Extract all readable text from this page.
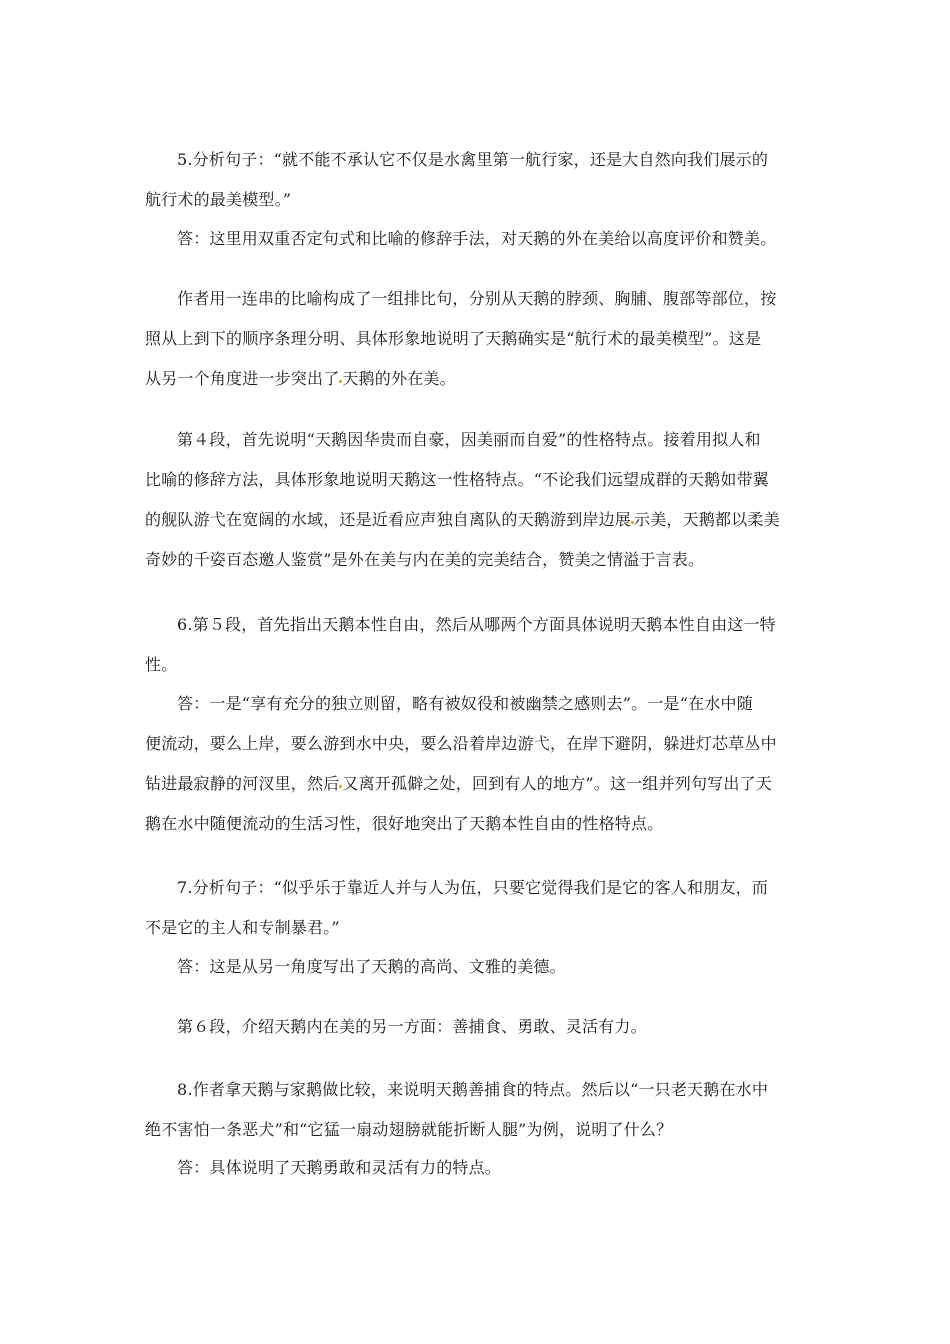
5.分析句子：“就不能不承认它不仅是水禽里第一航行家，还是大自然向我们展示的
航行术的最美模型。”
答：这里用双重否定句式和比喻的修辞手法，对天鹅的外在美给以高度评价和赞美。
作者用一连串的比喻构成了一组排比句，分别从天鹅的脖颈、胸脯、腹部等部位，按
照从上到下的顺序条理分明、具体形象地说明了天鹅确实是“航行术的最美模型”。这是
从另一个角度进一步突出了 天鹅的外在美。
第４段，首先说明“天鹅因华贵而自豪，因美丽而自爱”的性格特点。接着用拟人和
比喻的修辞方法，具体形象地说明天鹅这一性格特点。“不论我们远望成群的天鹅如带翼
的舰队游弋在宽阔的水域，还是近看应声独自离队的天鹅游到岸边展 示美，天鹅都以柔美
奇妙的千姿百态邀人鉴赏”是外在美与内在美的完美结合，赞美之情溢于言表。
6.第５段，首先指出天鹅本性自由，然后从哪两个方面具体说明天鹅本性自由这一特
性。
答：一是“享有充分的独立则留，略有被奴役和被幽禁之感则去”。一是“在水中随
便流动，要么上岸，要么游到水中央，要么沿着岸边游弋，在岸下避阴，躲进灯芯草丛中
钻进最寂静的河汊里，然后 又离开孤僻之处，回到有人的地方”。这一组并列句写出了天
鹅在水中随便流动的生活习性，很好地突出了天鹅本性自由的性格特点。
7.分析句子：“似乎乐于靠近人并与人为伍，只要它觉得我们是它的客人和朋友，而
不是它的主人和专制暴君。”
答：这是从另一角度写出了天鹅的高尚、文雅的美德。
第６段，介绍天鹅内在美的另一方面：善捕食、勇敢、灵活有力。
8.作者拿天鹅与家鹅做比较，来说明天鹅善捕食的特点。然后以“一只老天鹅在水中
绝不害怕一条恶犬”和“它猛一扇动翅膀就能折断人腿”为例，说明了什么？
答：具体说明了天鹅勇敢和灵活有力的特点。
